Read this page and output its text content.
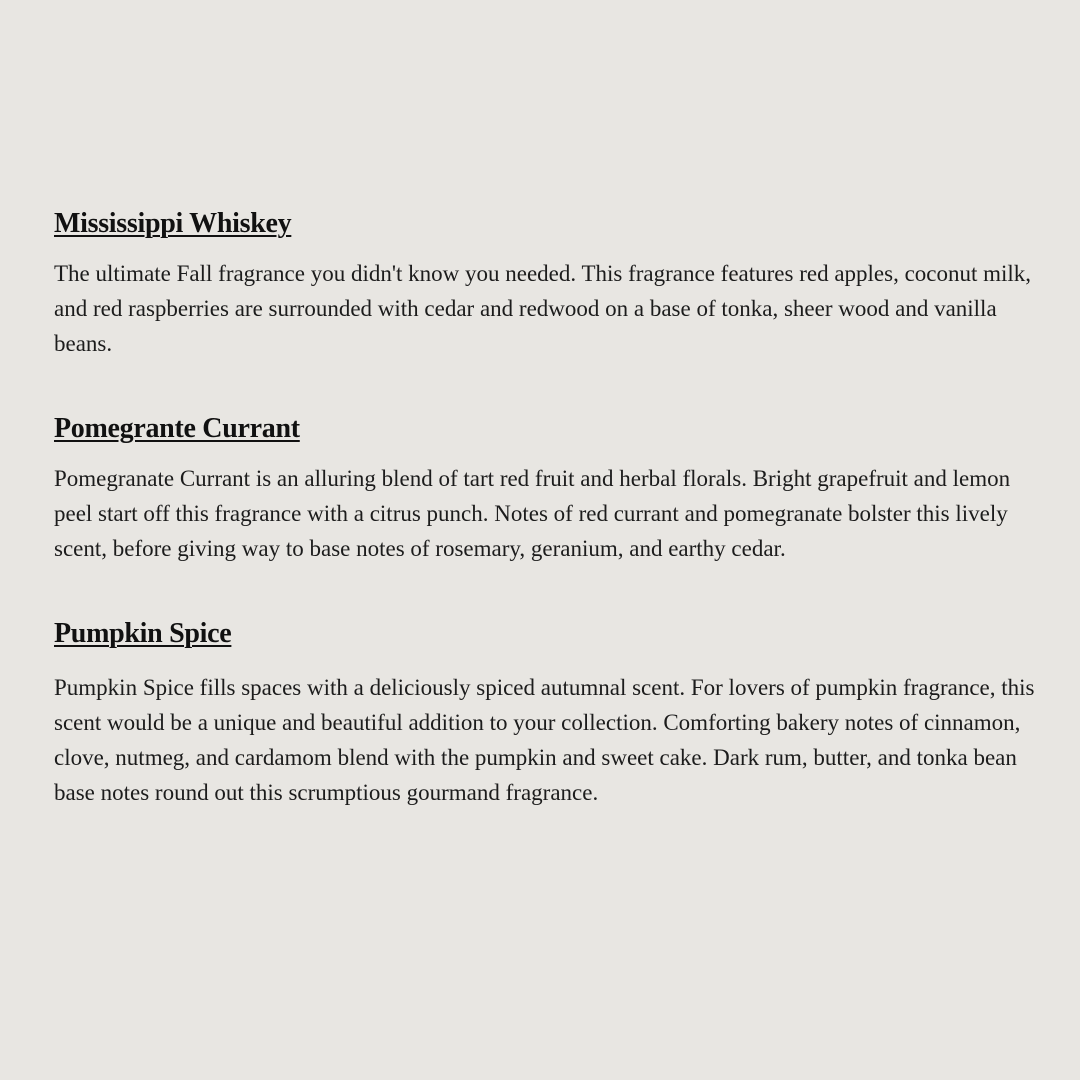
Mississippi Whiskey

The ultimate Fall fragrance you didn't know you needed. This fragrance features red apples, coconut milk, and red raspberries are surrounded with cedar and redwood on a base of tonka, sheer wood and vanilla beans.

Pomegrante Currant

Pomegranate Currant is an alluring blend of tart red fruit and herbal florals. Bright grapefruit and lemon peel start off this fragrance with a citrus punch. Notes of red currant and pomegranate bolster this lively scent, before giving way to base notes of rosemary, geranium, and earthy cedar.

Pumpkin Spice

Pumpkin Spice fills spaces with a deliciously spiced autumnal scent. For lovers of pumpkin fragrance, this scent would be a unique and beautiful addition to your collection. Comforting bakery notes of cinnamon, clove, nutmeg, and cardamom blend with the pumpkin and sweet cake. Dark rum, butter, and tonka bean base notes round out this scrumptious gourmand fragrance.
